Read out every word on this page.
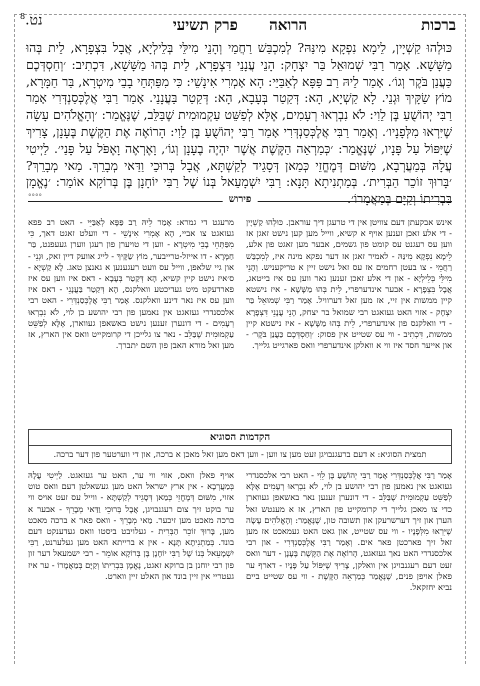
נט.$^8$	הרואה      פרק תשיעי	ברכות
כּוּלְהוּ קַשְׁיָין, לֵימָא נִפְקָא מִינַּהּ? לְמִכְבַּשׁ רַחֲמֵי וְהָנֵי מִילֵּי בְּלֵילְיָא, אֲבָל בִּצְפָרָא, לֵית בְּהוּ מַשָּׁשָׁא. אָמַר רַבִּי שְׁמוּאֵל בַּר יִצְחָק: הָנֵי עֲנָנֵי דִּצְפָרָא, לֵית בְּהוּ מַשָּׁשָׁא, דִּכְתִיב: ׳וְחַסְדְּכֶם כַּעֲנַן בֹּקֶר וְגוֹ׳. אָמַר לֵיהּ רַב פַּפָּא לְאַבַּיֵּי: הָא אָמְרִי אִינָשֵׁי: כִּי מִפַּתְּחֵי בָבֵי מִיטְרָא, בַּר חַמָּרָא, מוֹץ שַׂקָּיךְ וּגְנֵי. לָא קַשְׁיָא, הָא: דְּקַטַר בְּעָבָא, הָא: דְּקַטַר בַּעֲנָנֵי. אָמַר רַבִּי אֲלֶכְּסַנְדְּרִי אָמַר רַבִּי יְהוֹשֻׁעַ בֶּן לֵוִי: לֹא נִבְרְאוּ רְעָמִים, אֶלָּא לְפַשֵּׁט עַקְמוּמִית שֶׁבַּלֵּב, שֶׁנֶּאֱמַר: ׳וְהָאֱלֹהִים עָשָׂה שֶׁיִּרְאוּ מִלְּפָנָיו׳. וְאָמַר רַבִּי אֲלֶכְּסַנְדְּרִי אָמַר רַבִּי יְהוֹשֻׁעַ בֶּן לֵוִי: הָרוֹאֶה אֶת הַקֶּשֶׁת בֶּעָנָן, צָרִיךְ שֶׁיִּפּוֹל עַל פָּנָיו, שֶׁנֶּאֱמַר: ׳כְּמַרְאֵה הַקֶּשֶׁת אֲשֶׁר יִהְיֶה בֶעָנָן וְגוֹ׳, וָאֶרְאֶה וָאֶפֹּל עַל פָּנַי׳. לַיְיטִי עֲלָהּ בְּמַעֲרְבָא, מִשּׁוּם דְּמֶחֱזֵי כְּמַאן דְּסָגֵיד לְקַשְׁתָּא, אֲבָל בְּרוּכֵי וַדַּאי מְבָרֵךְ. מַאי מְבָרֵךְ? ׳בָּרוּךְ זוֹכֵר הַבְּרִית׳. בְּמַתְנִיתָא תָּנָא: רַבִּי יִשְׁמָעֵאל בְּנוֹ שֶׁל רַבִּי יוֹחָנָן בֶּן בְּרוֹקָא אוֹמֵר: ׳נֶאֱמָן בִּבְרִיתוֹ וְקַיָּם בְּמַאֲמָרוֹ׳.
°°°°	פירוש
אינש אבקעתן דעם צוויטן אין די טרעגן דיך עוראבן. כּוּלְהוּ קַשְׁיָין - די אלע זאכן זענען אויף א קשיא, ווייל מען קען נישט זאגן אז ווען עס רעגנט עס קומט פון גשמים, אבער מען זאגט פון אלע, לֵימָא נִפְקָא מִינַּהּ - לאמיר זאגן אז דער נפקא מינה איז, לְמִכְבַּשׁ רַחֲמֵי - צו בעטן רחמים אז עס זאל נישט זיין א טריקעניש. וְהָנֵי מִילֵּי בְּלֵילְיָא - און די אלע זאכן זענען נאר ווען עס איז בייטאג, אֲבָל בִּצְפָרָא - אבער אינדערפרי, לֵית בְּהוּ מַשָּׁשָׁא - איז נישטא קיין ממשות אין זיי, אז מען זאל דערוויל. אָמַר רַבִּי שְׁמוּאֵל בַּר יִצְחָק - אזוי האט געזאגט רבי שמואל בר יצחק, הָנֵי עֲנָנֵי דִּצְפָרָא - די וואלקנס פון אינדערפרי, לֵית בְּהוּ מַשָּׁשָׁא - איז נישטא קיין ממשות, דִּכְתִיב - ווי עס שטייט אין פסוק: ׳וְחַסְדְּכֶם כַּעֲנַן בֹּקֶר׳ - און אייער חסד איז ווי א וואלקן אינדערפרי וואס פארגייט גלייך.
מרעגט די גמרא: אָמַר לֵיהּ רַב פַּפָּא לְאַבַּיֵּי - האט רב פפא געזאגט צו אביי, הָא אָמְרִי אִינָשֵׁי - די וועלט זאגט דאך, כִּי מִפַּתְּחֵי בָבֵי מִיטְרָא - ווען די טויערן פון רעגן ווערן געעפנט, בַּר חַמָּרָא - דו אייזל-טרייבער, מוֹץ שַׂקָּיךְ - לייג אוועק דיין זאק, וּגְנֵי - און גיי שלאפן, ווייל עס וועט רעגענען א גאנצן טאג. לָא קַשְׁיָא - ס׳איז נישט קיין קשיא, הָא דְּקַטַר בְּעָבָא - דאס איז ווען עס איז פארדעקט מיט געדיכטע וואלקנס, הָא דְּקַטַר בַּעֲנָנֵי - דאס איז ווען עס איז נאר דינע וואלקנס. אָמַר רַבִּי אֲלֶכְּסַנְדְּרִי - האט רבי אלכסנדרי געזאגט אין נאמען פון רבי יהושע בן לוי, לֹא נִבְרְאוּ רְעָמִים - די דונערן זענען נישט באשאפן געווארן, אֶלָּא לְפַשֵּׁט עַקְמוּמִית שֶׁבַּלֵּב - נאר צו גלייכן די קרומקייט וואס אין הארץ, אז מען זאל מורא האבן פון השם יתברך.
הקדמות הסוגיא
תמצית הסוגיא: א דעם ברעגנבויגן זעט מען צו ווען - ווען דאס מען זאל מאכן א ברכה, און די ווערטער פון דער ברכה.
אָמַר רַבִּי אֲלֶכְּסַנְדְּרִי אָמַר רַבִּי יְהוֹשֻׁעַ בֶּן לֵוִי - האט רבי אלכסנדרי געזאגט אין נאמען פון רבי יהושע בן לוי, לֹא נִבְרְאוּ רְעָמִים אֶלָּא לְפַשֵּׁט עַקְמוּמִית שֶׁבַּלֵּב - די דונערן זענען נאר באשאפן געווארן כדי צו מאכן גלייך די קרומקייט פון הארץ, אז א מענטש זאל הערן און זיך דערשרעקן און תשובה טון, שֶׁנֶּאֱמַר: וְהָאֱלֹהִים עָשָׂה שֶׁיִּרְאוּ מִלְּפָנָיו - ווי עס שטייט, און גאט האט געמאכט אז מען זאל זיך פארכטן פאר אים. וְאָמַר רַבִּי אֲלֶכְּסַנְדְּרִי - און רבי אלכסנדרי האט נאך געזאגט, הָרוֹאֶה אֶת הַקֶּשֶׁת בֶּעָנָן - דער וואס זעט דעם רעגנבויגן אין וואלקן, צָרִיךְ שֶׁיִּפּוֹל עַל פָּנָיו - דארף ער פאלן אויפן פנים, שֶׁנֶּאֱמַר כְּמַרְאֵה הַקֶּשֶׁת - ווי עס שטייט ביים נביא יחזקאל.
אויף פאלן וואס, אזוי ווי ער, האט ער געזאגט. לַיְיטִי עֲלָהּ בְּמַעֲרְבָא - אין ארץ ישראל האט מען געשאלטן דעם וואס טוט אזוי, מִשּׁוּם דְּמֶחֱזֵי כְּמַאן דְּסָגֵיד לְקַשְׁתָּא - ווייל עס זעט אויס ווי ער בוקט זיך צום רעגנבויגן, אֲבָל בְּרוּכֵי וַדַּאי מְבָרֵךְ - אבער א ברכה מאכט מען זיכער. מַאי מְבָרֵךְ - וואס פאר א ברכה מאכט מען, בָּרוּךְ זוֹכֵר הַבְּרִית - געלויבט ביסטו וואס געדענקט דעם בונד. בְּמַתְנִיתָא תָּנָא - אין א ברייתא האט מען געלערנט, רַבִּי יִשְׁמָעֵאל בְּנוֹ שֶׁל רַבִּי יוֹחָנָן בֶּן בְּרוֹקָא אוֹמֵר - רבי ישמעאל דער זון פון רבי יוחנן בן ברוקא זאגט, נֶאֱמָן בִּבְרִיתוֹ וְקַיָּם בְּמַאֲמָרוֹ - ער איז געטריי אין זיין בונד און האלט זיין ווארט.
